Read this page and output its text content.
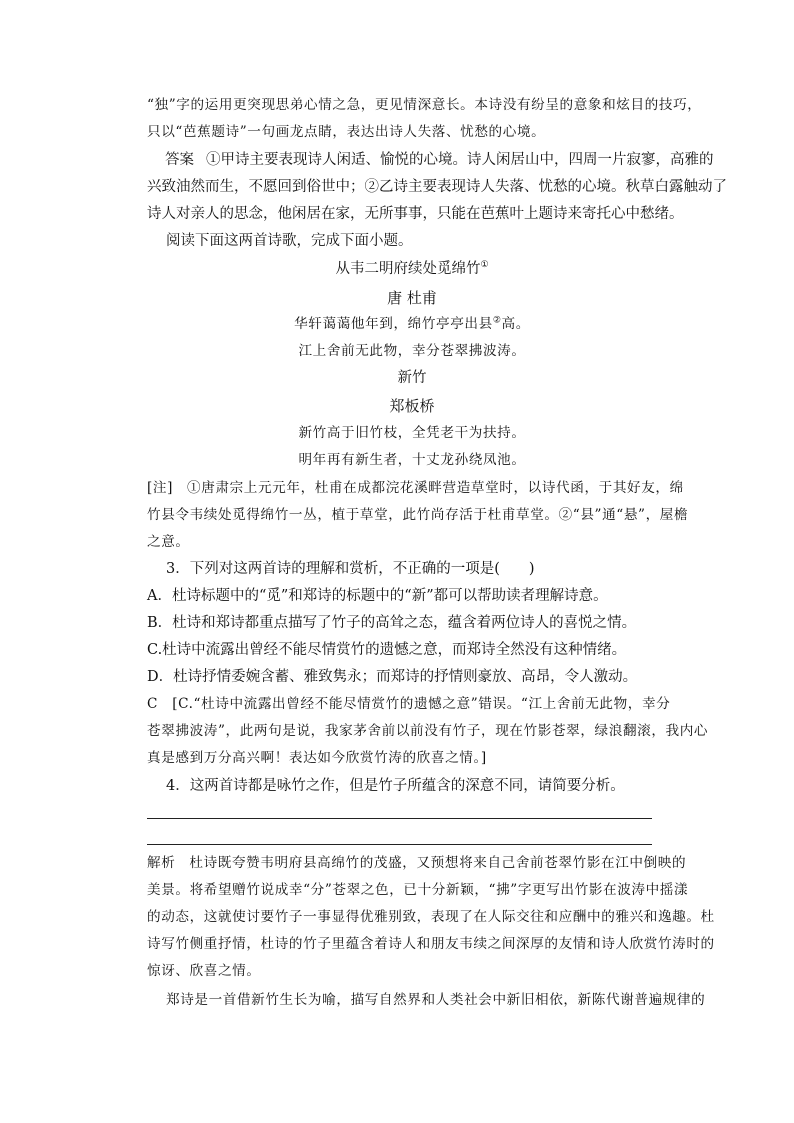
“独”字的运用更突现思弟心情之急，更见情深意长。本诗没有纷呈的意象和炫目的技巧，
只以“芭蕉题诗”一句画龙点睛，表达出诗人失落、忧愁的心境。
答案 ①甲诗主要表现诗人闲适、愉悦的心境。诗人闲居山中，四周一片寂寥，高雅的
兴致油然而生，不愿回到俗世中；②乙诗主要表现诗人失落、忧愁的心境。秋草白露触动了
诗人对亲人的思念，他闲居在家，无所事事，只能在芭蕉叶上题诗来寄托心中愁绪。
阅读下面这两首诗歌，完成下面小题。
从韦二明府续处觅绵竹①
唐 杜甫
华轩蔼蔼他年到，绵竹亭亭出县②高。
江上舍前无此物，幸分苍翠拂波涛。
新竹
郑板桥
新竹高于旧竹枝，全凭老干为扶持。
明年再有新生者，十丈龙孙绕凤池。
[注] ①唐肃宗上元元年，杜甫在成都浣花溪畔营造草堂时，以诗代函，于其好友，绵
竹县令韦续处觅得绵竹一丛，植于草堂，此竹尚存活于杜甫草堂。②“县”通“悬”，屋檐
之意。
3．下列对这两首诗的理解和赏析，不正确的一项是(　　)
A．杜诗标题中的“觅”和郑诗的标题中的“新”都可以帮助读者理解诗意。
B．杜诗和郑诗都重点描写了竹子的高耸之态，蕴含着两位诗人的喜悦之情。
C.杜诗中流露出曾经不能尽情赏竹的遗憾之意，而郑诗全然没有这种情绪。
D．杜诗抒情委婉含蓄、雅致隽永；而郑诗的抒情则豪放、高昂，令人激动。
C　[C.“杜诗中流露出曾经不能尽情赏竹的遗憾之意”错误。“江上舍前无此物，幸分
苍翠拂波涛”，此两句是说，我家茅舍前以前没有竹子，现在竹影苍翠，绿浪翻滚，我内心
真是感到万分高兴啊！表达如今欣赏竹涛的欣喜之情。]
4．这两首诗都是咏竹之作，但是竹子所蕴含的深意不同，请简要分析。
解析 杜诗既夸赞韦明府县高绵竹的茂盛，又预想将来自己舍前苍翠竹影在江中倒映的
美景。将希望赠竹说成幸“分”苍翠之色，已十分新颖，“拂”字更写出竹影在波涛中摇漾
的动态，这就使讨要竹子一事显得优雅别致，表现了在人际交往和应酬中的雅兴和逸趣。杜
诗写竹侧重抒情，杜诗的竹子里蕴含着诗人和朋友韦续之间深厚的友情和诗人欣赏竹涛时的
惊讶、欣喜之情。
郑诗是一首借新竹生长为喻，描写自然界和人类社会中新旧相依，新陈代谢普遍规律的
